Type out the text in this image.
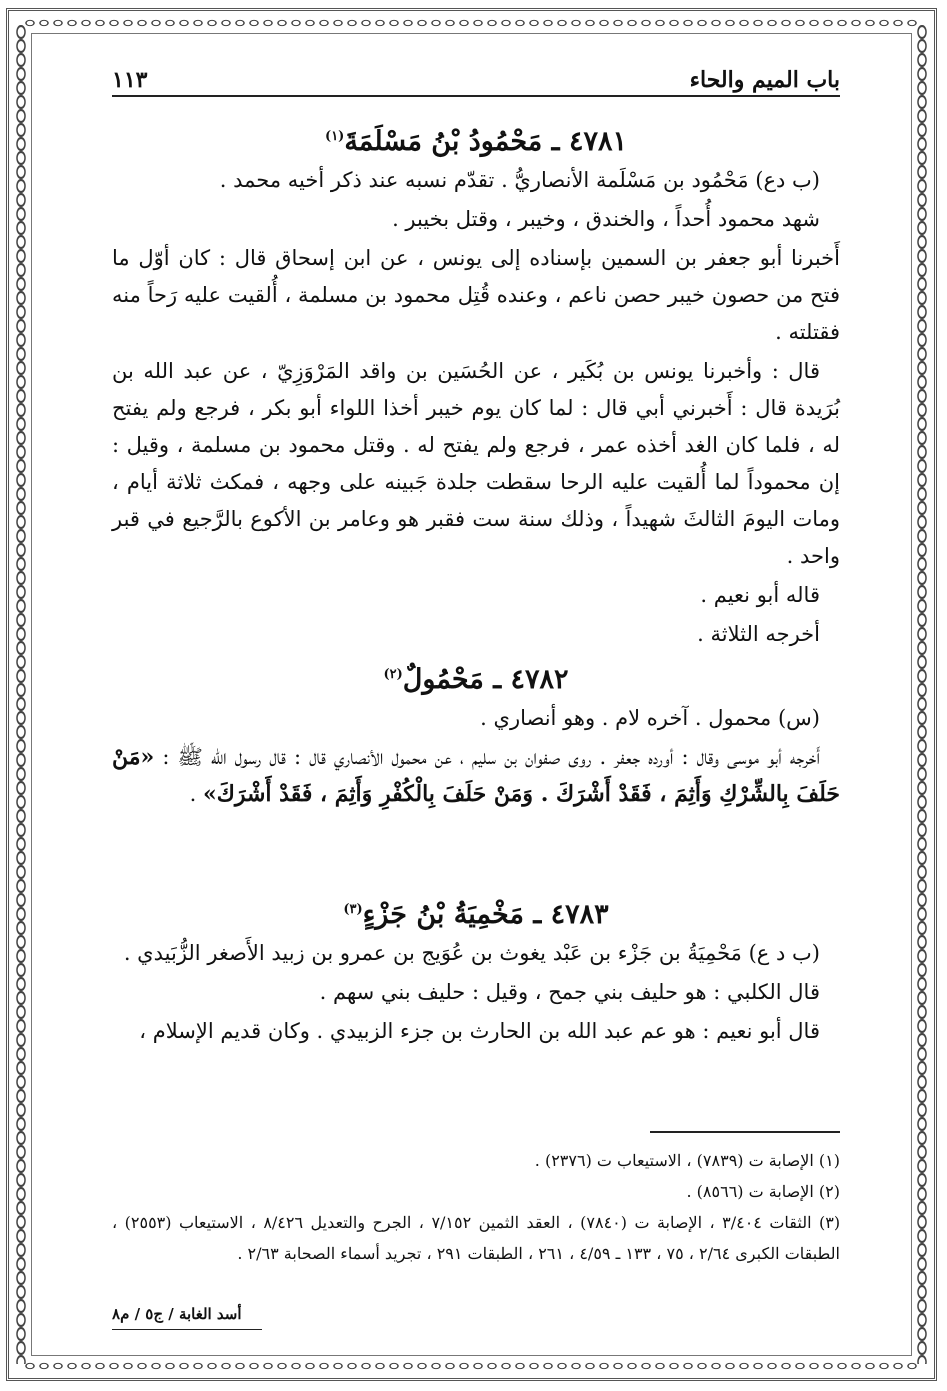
باب الميم والحاء
١١٣
٤٧٨١ ـ مَحْمُودُ بْنُ مَسْلَمَةَ$^{(١)}$

(ب دع) مَحْمُود بن مَسْلَمة الأنصاريُّ . تقدّم نسبه عند ذكر أخيه محمد .

شهد محمود أُحداً ، والخندق ، وخيبر ، وقتل بخيبر .

أَخبرنا أبو جعفر بن السمين بإسناده إلى يونس ، عن ابن إسحاق قال : كان أوّل ما فتح من حصون خيبر حصن ناعم ، وعنده قُتِل محمود بن مسلمة ، أُلقيت عليه رَحاً منه فقتلته .

قال : وأخبرنا يونس بن بُكَير ، عن الحُسَين بن واقد المَرْوَزِيّ ، عن عبد الله بن بُرَيدة قال : أَخبرني أبي قال : لما كان يوم خيبر أخذا اللواء أبو بكر ، فرجع ولم يفتح له ، فلما كان الغد أخذه عمر ، فرجع ولم يفتح له . وقتل محمود بن مسلمة ، وقيل : إن محموداً لما أُلقيت عليه الرحا سقطت جلدة جَبينه على وجهه ، فمكث ثلاثة أيام ، ومات اليومَ الثالثَ شهيداً ، وذلك سنة ست فقبر هو وعامر بن الأكوع بالرَّجيع في قبر واحد .

قاله أبو نعيم .

أخرجه الثلاثة .

٤٧٨٢ ـ مَحْمُولٌ$^{(٢)}$

(س) محمول . آخره لام . وهو أنصاري .

أَخرجه أبو موسى وقال : أورده جعفر . روى صفوان بن سليم ، عن محمول الأنصاري قال : قال رسول الله ﷺ : «مَنْ حَلَفَ بِالشِّرْكِ وَأَثِمَ ، فَقَدْ أَشْرَكَ . وَمَنْ حَلَفَ بِالْكُفْرِ وَأَثِمَ ، فَقَدْ أَشْرَكَ» .

٤٧٨٣ ـ مَخْمِيَةُ بْنُ جَزْءٍ$^{(٣)}$

(ب د ع) مَحْمِيَةُ بن جَزْء بن عَبْد يغوث بن عُوَيج بن عمرو بن زبيد الأَصغر الزُّبَيدي .

قال الكلبي : هو حليف بني جمح ، وقيل : حليف بني سهم .

قال أبو نعيم : هو عم عبد الله بن الحارث بن جزء الزبيدي . وكان قديم الإسلام ،

(١) الإصابة ت (٧٨٣٩) ، الاستيعاب ت (٢٣٧٦) .

(٢) الإصابة ت (٨٥٦٦) .

(٣) الثقات ٣/٤٠٤ ، الإصابة ت (٧٨٤٠) ، العقد الثمين ٧/١٥٢ ، الجرح والتعديل ٨/٤٢٦ ، الاستيعاب (٢٥٥٣) ، الطبقات الكبرى ٢/٦٤ ، ٧٥ ، ١٣٣ ـ ٤/٥٩ ، ٢٦١ ، الطبقات ٢٩١ ، تجريد أسماء الصحابة ٢/٦٣ .

أسد الغابة / ج٥ / م٨
